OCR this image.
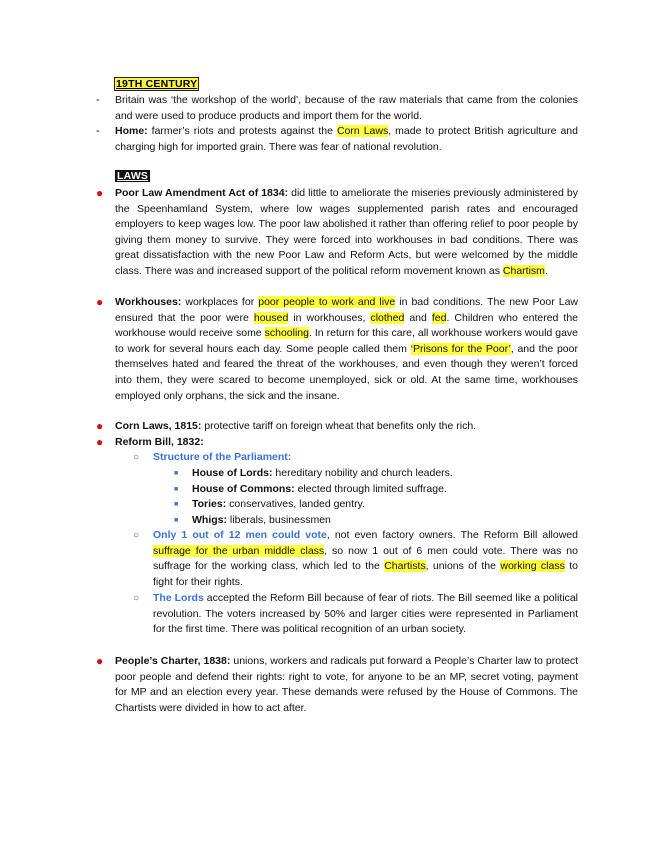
19TH CENTURY
- Britain was ‘the workshop of the world’, because of the raw materials that came from the colonies and were used to produce products and import them for the world.
- Home: farmer’s riots and protests against the Corn Laws, made to protect British agriculture and charging high for imported grain. There was fear of national revolution.
LAWS
● Poor Law Amendment Act of 1834: did little to ameliorate the miseries previously administered by the Speenhamland System, where low wages supplemented parish rates and encouraged employers to keep wages low. The poor law abolished it rather than offering relief to poor people by giving them money to survive. They were forced into workhouses in bad conditions. There was great dissatisfaction with the new Poor Law and Reform Acts, but were welcomed by the middle class. There was and increased support of the political reform movement known as Chartism.
● Workhouses: workplaces for poor people to work and live in bad conditions. The new Poor Law ensured that the poor were housed in workhouses, clothed and fed. Children who entered the workhouse would receive some schooling. In return for this care, all workhouse workers would gave to work for several hours each day. Some people called them ‘Prisons for the Poor’, and the poor themselves hated and feared the threat of the workhouses, and even though they weren’t forced into them, they were scared to become unemployed, sick or old. At the same time, workhouses employed only orphans, the sick and the insane.
● Corn Laws, 1815: protective tariff on foreign wheat that benefits only the rich.
● Reform Bill, 1832:
○ Structure of the Parliament:
■ House of Lords: hereditary nobility and church leaders.
■ House of Commons: elected through limited suffrage.
■ Tories: conservatives, landed gentry.
■ Whigs: liberals, businessmen
○ Only 1 out of 12 men could vote, not even factory owners. The Reform Bill allowed suffrage for the urban middle class, so now 1 out of 6 men could vote. There was no suffrage for the working class, which led to the Chartists, unions of the working class to fight for their rights.
○ The Lords accepted the Reform Bill because of fear of riots. The Bill seemed like a political revolution. The voters increased by 50% and larger cities were represented in Parliament for the first time. There was political recognition of an urban society.
● People’s Charter, 1838: unions, workers and radicals put forward a People’s Charter law to protect poor people and defend their rights: right to vote, for anyone to be an MP, secret voting, payment for MP and an election every year. These demands were refused by the House of Commons. The Chartists were divided in how to act after.
